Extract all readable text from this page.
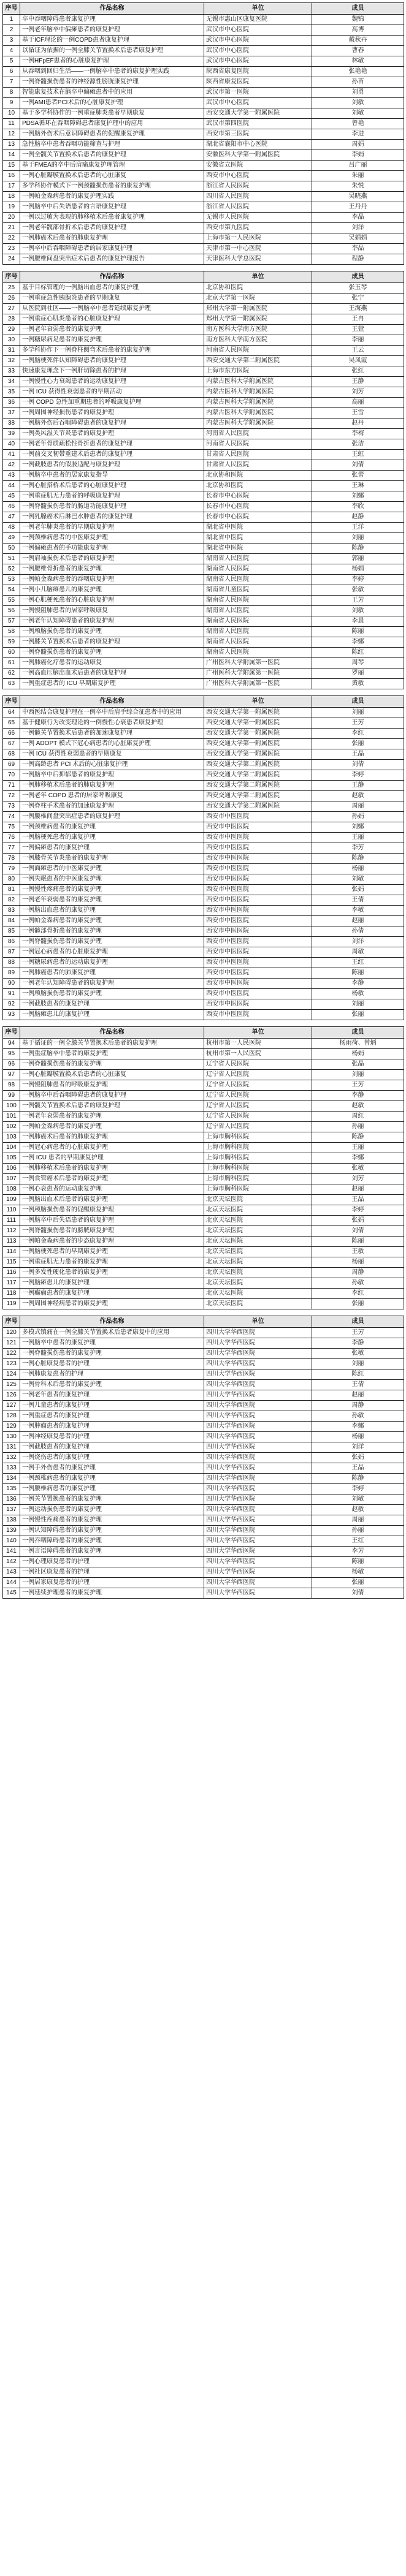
序号	作品名称	单位	成员
1	卒中吞咽障碍患者康复护理	无锡市惠山区康复医院	魏锦
2	一例老年脑卒中偏瘫患者的康复护理	武汉市中心医院	高博
3	基于ICF理论的一例COPD患者康复护理	武汉市中心医院	戴秋卉
4	以循证为依据的一例全膝关节置换术后患者康复护理	武汉市中心医院	曹春
5	一例HFpEF患者的心脏康复护理	武汉市中心医院	林敏
6	从吞咽到回归生活——一例脑卒中患者的康复护理实践	陕西省康复医院	张艳艳
7	一例脊髓损伤患者的神经源性膀胱康复护理	陕西省康复医院	孙苗
8	智能康复技术在脑卒中偏瘫患者中的应用	武汉市第一医院	刘勇
9	一例AMI患者PCI术后的心脏康复护理	武汉市中心医院	刘敏
10	基于多学科协作的一例重症肺炎患者早期康复	西安交通大学第一附属医院	刘敏
11	PDSA循环在吞咽障碍患者康复护理中的应用	武汉市第四医院	曾艳
12	一例脑外伤术后意识障碍患者的促醒康复护理	西安市第三医院	李进
13	急性脑卒中患者吞咽功能筛查与护理	湖北省襄阳市中心医院	周娟
14	一例全髋关节置换术后患者的康复护理	安徽医科大学第一附属医院	李娟
15	基于FMEA的卒中后肩痛康复护理管理	安徽省立医院	吕广丽
16	一例心脏瓣膜置换术后患者的心脏康复	西安市中心医院	朱丽
17	多学科协作模式下一例颈髓损伤患者的康复护理	浙江省人民医院	朱悦
18	一例帕金森病患者的康复护理实践	四川省人民医院	吴晓燕
19	一例脑卒中后失语患者的言语康复护理	浙江省人民医院	王丹丹
20	一例以过敏为表现的肺移植术后患者康复护理	无锡市人民医院	李晶
21	一例老年髋部骨折术后患者的康复护理	西安市第九医院	刘洋
22	一例肺癌术后患者的肺康复护理	上海市第一人民医院	吴娟娟
23	一例卒中后吞咽障碍患者的居家康复护理	天津市第一中心医院	李品
24	一例腰椎间盘突出症术后患者的康复护理报告	天津医科大学总医院	程静
序号	作品名称	单位	成员
25	基于目标管理的一例脑出血患者的康复护理	北京协和医院	张玉琴
26	一例重症急性胰腺炎患者的早期康复	北京大学第一医院	张宁
27	从医院到社区——一例脑卒中患者延续康复护理	郑州大学第一附属医院	王海燕
28	一例重症心肌炎患者的心脏康复护理	郑州大学第一附属医院	王冉
29	一例老年衰弱患者的康复护理	南方医科大学南方医院	王萱
30	一例糖尿病足患者的康复护理	南方医科大学南方医院	李丽
31	多学科协作下一例脊柱侧弯术后患者的康复护理	河南省人民医院	王云
32	一例脑梗死伴认知障碍患者的康复护理	西安交通大学第二附属医院	吴凤霞
33	快速康复理念下一例肝切除患者的护理	上海市东方医院	张红
34	一例慢性心力衰竭患者的运动康复护理	内蒙古医科大学附属医院	王静
35	一例 ICU 获得性衰弱患者的早期活动	内蒙古医科大学附属医院	刘芳
36	一例 COPD 急性加重期患者的呼吸康复护理	内蒙古医科大学附属医院	高丽
37	一例周围神经损伤患者的康复护理	内蒙古医科大学附属医院	王雪
38	一例脑外伤后吞咽障碍患者的康复护理	内蒙古医科大学附属医院	赵丹
39	一例类风湿关节炎患者的康复护理	河南省人民医院	李梅
40	一例老年骨质疏松性骨折患者的康复护理	河南省人民医院	张洁
41	一例前交叉韧带重建术后患者的康复护理	甘肃省人民医院	王虹
42	一例截肢患者的假肢适配与康复护理	甘肃省人民医院	刘倩
43	一例脑卒中患者的居家康复指导	北京协和医院	张蕾
44	一例心脏搭桥术后患者的心脏康复护理	北京协和医院	王琳
45	一例重症肌无力患者的呼吸康复护理	长春市中心医院	刘娜
46	一例脊髓损伤患者的肠道功能康复护理	长春市中心医院	李欣
47	一例乳腺癌术后淋巴水肿患者的康复护理	长春市中心医院	赵静
48	一例老年肺炎患者的早期康复护理	湖北省中医院	王洋
49	一例颈椎病患者的中医康复护理	湖北省中医院	刘丽
50	一例偏瘫患者的手功能康复护理	湖北省中医院	陈静
51	一例肩袖损伤术后患者的康复护理	湖南省人民医院	郭丽
52	一例腰椎骨折患者的康复护理	湖南省人民医院	杨娟
53	一例帕金森病患者的吞咽康复护理	湖南省人民医院	李婷
54	一例小儿脑瘫患儿的康复护理	湖南省儿童医院	张敏
55	一例心肌梗死患者的心脏康复护理	湖南省人民医院	王芳
56	一例慢阻肺患者的居家呼吸康复	湖南省人民医院	刘敏
57	一例老年认知障碍患者的康复护理	湖南省人民医院	李晨
58	一例颅脑损伤患者的康复护理	湖南省人民医院	陈丽
59	一例膝关节置换术后患者的康复护理	湖南省人民医院	李娜
60	一例脊髓损伤患者的康复护理	湖南省人民医院	陈红
61	一例肺癌化疗患者的运动康复	广州医科大学附属第一医院	周琴
62	一例高血压脑出血术后患者的康复护理	广州医科大学附属第一医院	罗丽
63	一例重症患者的 ICU 早期康复护理	广州医科大学附属第一医院	黄敏
序号	作品名称	单位	成员
64	中西医结合康复护理在一例卒中后肩手综合征患者中的应用	西安交通大学第一附属医院	刘丽
65	基于健康行为改变理论的一例慢性心衰患者康复护理	西安交通大学第一附属医院	王芳
66	一例髋关节置换术后患者的加速康复护理	西安交通大学第一附属医院	李红
67	一例 ADOPT 模式下冠心病患者的心脏康复护理	西安交通大学第一附属医院	张丽
68	一例 ICU 获得性衰弱患者的早期康复	西安交通大学第一附属医院	王晶
69	一例高龄患者 PCI 术后的心脏康复护理	西安交通大学第二附属医院	刘倩
70	一例脑卒中后抑郁患者的康复护理	西安交通大学第二附属医院	李婷
71	一例肺移植术后患者的肺康复护理	西安交通大学第二附属医院	王静
72	一例老年 COPD 患者的居家呼吸康复	西安交通大学第二附属医院	赵敏
73	一例脊柱手术患者的加速康复护理	西安交通大学第二附属医院	周丽
74	一例腰椎间盘突出症患者的康复护理	西安市中医医院	孙娟
75	一例颈椎病患者的康复护理	西安市中医医院	刘娜
76	一例脑梗死患者的康复护理	西安市中医医院	王丽
77	一例偏瘫患者的康复护理	西安市中医医院	李芳
78	一例膝骨关节炎患者的康复护理	西安市中医医院	陈静
79	一例面瘫患者的中医康复护理	西安市中医医院	杨丽
80	一例失眠患者的中医康复护理	西安市中医医院	刘敏
81	一例慢性疼痛患者的康复护理	西安市中医医院	张娟
82	一例老年衰弱患者的康复护理	西安市中医医院	王倩
83	一例脑出血患者的康复护理	西安市中医医院	李敏
84	一例帕金森病患者的康复护理	西安市中医医院	赵丽
85	一例髋部骨折患者的康复护理	西安市中医医院	孙倩
86	一例脊髓损伤患者的康复护理	西安市中医医院	刘洋
87	一例冠心病患者的心脏康复护理	西安市中医医院	周敏
88	一例糖尿病患者的运动康复护理	西安市中医医院	王红
89	一例肺癌患者的肺康复护理	西安市中医医院	陈丽
90	一例老年认知障碍患者的康复护理	西安市中医医院	李静
91	一例颅脑损伤患者的康复护理	西安市中医医院	杨敏
92	一例截肢患者的康复护理	西安市中医医院	刘丽
93	一例脑瘫患儿的康复护理	西安市中医医院	张丽
序号	作品名称	单位	成员
94	基于循证的一例全膝关节置换术后患者的康复护理	杭州市第一人民医院	杨雨荷、曾炳
95	一例重症脑卒中患者的康复护理	杭州市第一人民医院	杨娟
96	一例脊髓损伤患者的康复护理	辽宁省人民医院	张晶
97	一例心脏瓣膜置换术后患者的心脏康复	辽宁省人民医院	刘丽
98	一例慢阻肺患者的呼吸康复护理	辽宁省人民医院	王芳
99	一例脑卒中后吞咽障碍患者的康复护理	辽宁省人民医院	李静
100	一例髋关节置换术后患者的康复护理	辽宁省人民医院	赵敏
101	一例老年衰弱患者的康复护理	辽宁省人民医院	周红
102	一例帕金森病患者的康复护理	辽宁省人民医院	孙丽
103	一例肺癌术后患者的肺康复护理	上海市胸科医院	陈静
104	一例冠心病患者的心脏康复护理	上海市胸科医院	王丽
105	一例 ICU 患者的早期康复护理	上海市胸科医院	李娜
106	一例肺移植术后患者的康复护理	上海市胸科医院	张敏
107	一例食管癌术后患者的康复护理	上海市胸科医院	刘芳
108	一例心衰患者的运动康复护理	上海市胸科医院	赵丽
109	一例脑出血术后患者的康复护理	北京天坛医院	王晶
110	一例颅脑损伤患者的促醒康复护理	北京天坛医院	李婷
111	一例脑卒中后失语患者的康复护理	北京天坛医院	张娟
112	一例脊髓损伤患者的膀胱康复护理	北京天坛医院	刘倩
113	一例帕金森病患者的步态康复护理	北京天坛医院	陈丽
114	一例脑梗死患者的早期康复护理	北京天坛医院	王敏
115	一例重症肌无力患者的康复护理	北京天坛医院	杨丽
116	一例多发性硬化患者的康复护理	北京天坛医院	周静
117	一例脑瘫患儿的康复护理	北京天坛医院	孙敏
118	一例癫痫患者的康复护理	北京天坛医院	李红
119	一例周围神经病患者的康复护理	北京天坛医院	张丽
序号	作品名称	单位	成员
120	多模式镇痛在一例全膝关节置换术后患者康复中的应用	四川大学华西医院	王芳
121	一例脑卒中患者的康复护理	四川大学华西医院	李静
122	一例脊髓损伤患者的康复护理	四川大学华西医院	张敏
123	一例心脏康复患者的护理	四川大学华西医院	刘丽
124	一例肺康复患者的护理	四川大学华西医院	陈红
125	一例骨科术后患者的康复护理	四川大学华西医院	王倩
126	一例老年患者的康复护理	四川大学华西医院	赵丽
127	一例儿童患者的康复护理	四川大学华西医院	周静
128	一例重症患者的康复护理	四川大学华西医院	孙敏
129	一例肿瘤患者的康复护理	四川大学华西医院	李娜
130	一例神经康复患者的护理	四川大学华西医院	杨丽
131	一例截肢患者的康复护理	四川大学华西医院	刘洋
132	一例烧伤患者的康复护理	四川大学华西医院	张娟
133	一例手外伤患者的康复护理	四川大学华西医院	王晶
134	一例颈椎病患者的康复护理	四川大学华西医院	陈静
135	一例腰椎病患者的康复护理	四川大学华西医院	李婷
136	一例关节置换患者的康复护理	四川大学华西医院	刘敏
137	一例运动损伤患者的康复护理	四川大学华西医院	赵敏
138	一例慢性疼痛患者的康复护理	四川大学华西医院	周丽
139	一例认知障碍患者的康复护理	四川大学华西医院	孙丽
140	一例吞咽障碍患者的康复护理	四川大学华西医院	王红
141	一例言语障碍患者的康复护理	四川大学华西医院	李芳
142	一例心理康复患者的护理	四川大学华西医院	陈丽
143	一例社区康复患者的护理	四川大学华西医院	杨敏
144	一例居家康复患者的护理	四川大学华西医院	张丽
145	一例延续护理患者的康复护理	四川大学华西医院	刘倩
